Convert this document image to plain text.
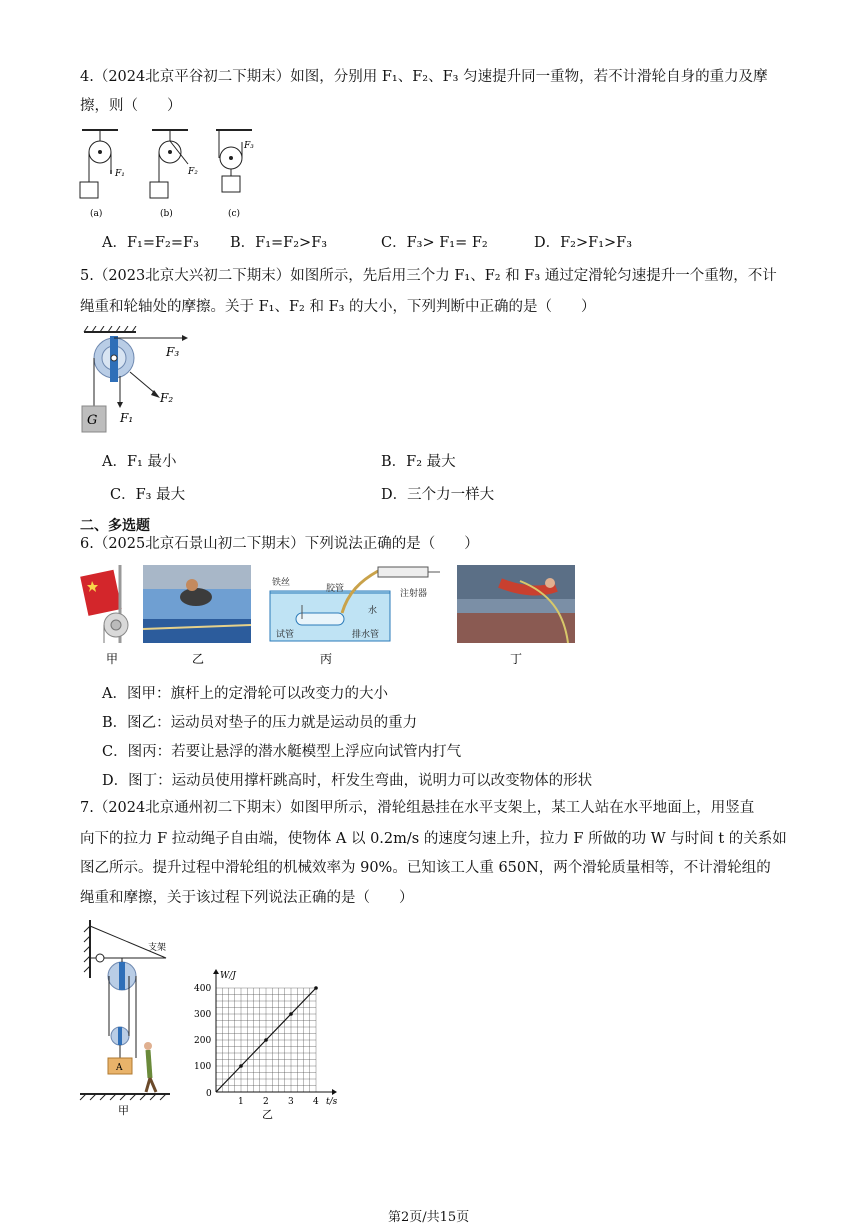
4.（2024北京平谷初二下期末）如图，分别用 F₁、F₂、F₃ 匀速提升同一重物，若不计滑轮自身的重力及摩
擦，则（　　）
F₁
(a)
F₂
(b)
F₃
(c)
A．F₁=F₂=F₃ B．F₁=F₂>F₃	C．F₃> F₁= F₂	D．F₂>F₁>F₃
5.（2023北京大兴初二下期末）如图所示，先后用三个力 F₁、F₂ 和 F₃ 通过定滑轮匀速提升一个重物，不计
绳重和轮轴处的摩擦。关于 F₁、F₂ 和 F₃ 的大小，下列判断中正确的是（　　）
F₃
F₂
F₁
G
A．F₁ 最小	B．F₂ 最大
C．F₃ 最大	D．三个力一样大
二、多选题
6.（2025北京石景山初二下期末）下列说法正确的是（　　）
铁丝
胶管	注射器
水
试管	排水管
甲	乙	丙	丁
A．图甲：旗杆上的定滑轮可以改变力的大小
B．图乙：运动员对垫子的压力就是运动员的重力
C．图丙：若要让悬浮的潜水艇模型上浮应向试管内打气
D．图丁：运动员使用撑杆跳高时，杆发生弯曲，说明力可以改变物体的形状
7.（2024北京通州初二下期末）如图甲所示，滑轮组悬挂在水平支架上，某工人站在水平地面上，用竖直
向下的拉力 F 拉动绳子自由端，使物体 A 以 0.2m/s 的速度匀速上升，拉力 F 所做的功 W 与时间 t 的关系如
图乙所示。提升过程中滑轮组的机械效率为 90%。已知该工人重 650N，两个滑轮质量相等，不计滑轮组的
绳重和摩擦，关于该过程下列说法正确的是（　　）
A
支架
甲
0
1 2 3 4
100
200
300
400
t/s
W/J
乙
第2页/共15页
